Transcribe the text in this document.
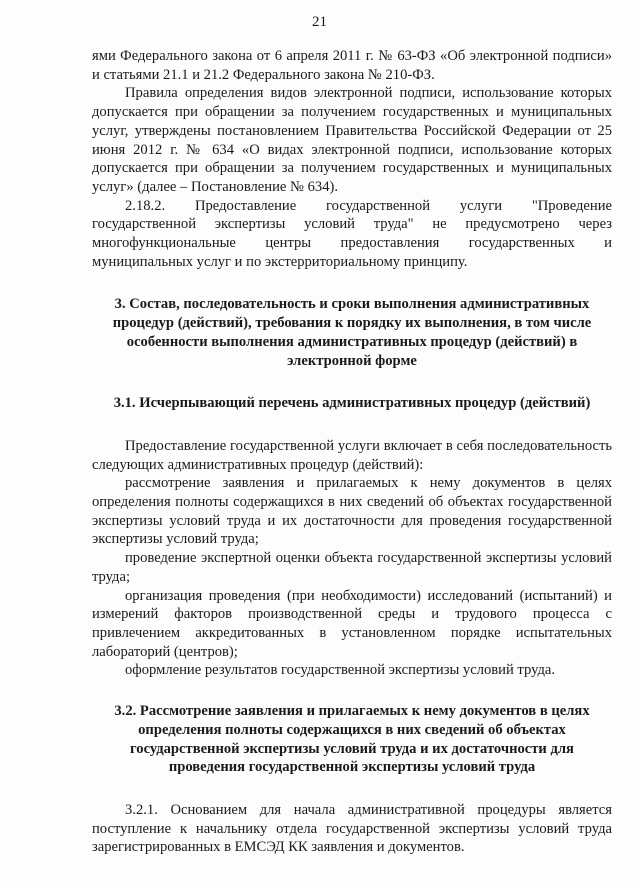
21

ями Федерального закона от 6 апреля 2011 г. № 63-ФЗ «Об электронной подписи» и статьями 21.1 и 21.2 Федерального закона № 210-ФЗ.

Правила определения видов электронной подписи, использование которых допускается при обращении за получением государственных и муниципальных услуг, утверждены постановлением Правительства Российской Федерации от 25 июня 2012 г. № 634 «О видах электронной подписи, использование которых допускается при обращении за получением государственных и муниципальных услуг» (далее – Постановление № 634).

2.18.2. Предоставление государственной услуги "Проведение государственной экспертизы условий труда" не предусмотрено через многофункциональные центры предоставления государственных и муниципальных услуг и по экстерриториальному принципу.

3. Состав, последовательность и сроки выполнения административных процедур (действий), требования к порядку их выполнения, в том числе особенности выполнения административных процедур (действий) в электронной форме

3.1. Исчерпывающий перечень административных процедур (действий)

Предоставление государственной услуги включает в себя последовательность следующих административных процедур (действий):

рассмотрение заявления и прилагаемых к нему документов в целях определения полноты содержащихся в них сведений об объектах государственной экспертизы условий труда и их достаточности для проведения государственной экспертизы условий труда;

проведение экспертной оценки объекта государственной экспертизы условий труда;

организация проведения (при необходимости) исследований (испытаний) и измерений факторов производственной среды и трудового процесса с привлечением аккредитованных в установленном порядке испытательных лабораторий (центров);

оформление результатов государственной экспертизы условий труда.

3.2. Рассмотрение заявления и прилагаемых к нему документов в целях определения полноты содержащихся в них сведений об объектах государственной экспертизы условий труда и их достаточности для проведения государственной экспертизы условий труда

3.2.1. Основанием для начала административной процедуры является поступление к начальнику отдела государственной экспертизы условий труда зарегистрированных в ЕМСЭД КК заявления и документов.
